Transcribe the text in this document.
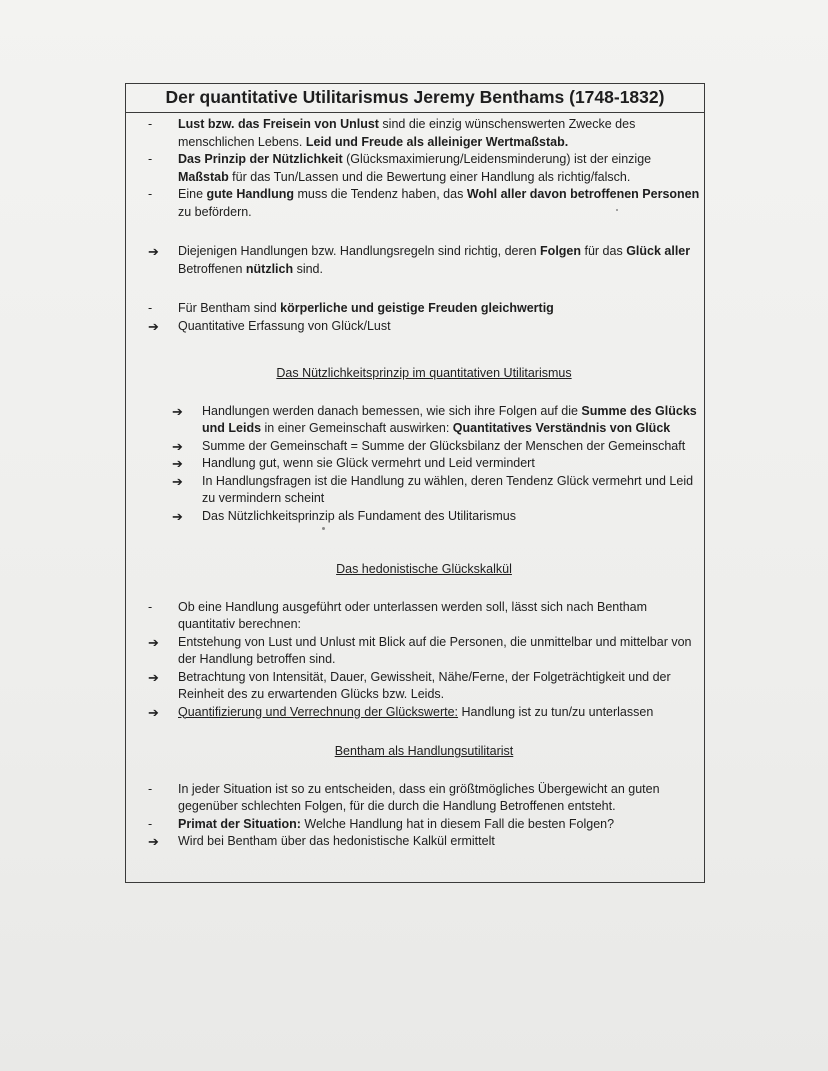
Der quantitative Utilitarismus Jeremy Benthams (1748-1832)
-	Lust bzw. das Freisein von Unlust sind die einzig wünschenswerten Zwecke des menschlichen Lebens. Leid und Freude als alleiniger Wertmaßstab.
-	Das Prinzip der Nützlichkeit (Glücksmaximierung/Leidensminderung) ist der einzige Maßstab für das Tun/Lassen und die Bewertung einer Handlung als richtig/falsch.
-	Eine gute Handlung muss die Tendenz haben, das Wohl aller davon betroffenen Personen zu befördern.
➔	Diejenigen Handlungen bzw. Handlungsregeln sind richtig, deren Folgen für das Glück aller Betroffenen nützlich sind.
-	Für Bentham sind körperliche und geistige Freuden gleichwertig
➔	Quantitative Erfassung von Glück/Lust

Das Nützlichkeitsprinzip im quantitativen Utilitarismus

➔	Handlungen werden danach bemessen, wie sich ihre Folgen auf die Summe des Glücks und Leids in einer Gemeinschaft auswirken: Quantitatives Verständnis von Glück
➔	Summe der Gemeinschaft = Summe der Glücksbilanz der Menschen der Gemeinschaft
➔	Handlung gut, wenn sie Glück vermehrt und Leid vermindert
➔	In Handlungsfragen ist die Handlung zu wählen, deren Tendenz Glück vermehrt und Leid zu vermindern scheint
➔	Das Nützlichkeitsprinzip als Fundament des Utilitarismus

Das hedonistische Glückskalkül

-	Ob eine Handlung ausgeführt oder unterlassen werden soll, lässt sich nach Bentham quantitativ berechnen:
➔	Entstehung von Lust und Unlust mit Blick auf die Personen, die unmittelbar und mittelbar von der Handlung betroffen sind.
➔	Betrachtung von Intensität, Dauer, Gewissheit, Nähe/Ferne, der Folgeträchtigkeit und der Reinheit des zu erwartenden Glücks bzw. Leids.
➔	Quantifizierung und Verrechnung der Glückswerte: Handlung ist zu tun/zu unterlassen

Bentham als Handlungsutilitarist

-	In jeder Situation ist so zu entscheiden, dass ein größtmögliches Übergewicht an guten gegenüber schlechten Folgen, für die durch die Handlung Betroffenen entsteht.
-	Primat der Situation: Welche Handlung hat in diesem Fall die besten Folgen?
➔	Wird bei Bentham über das hedonistische Kalkül ermittelt
